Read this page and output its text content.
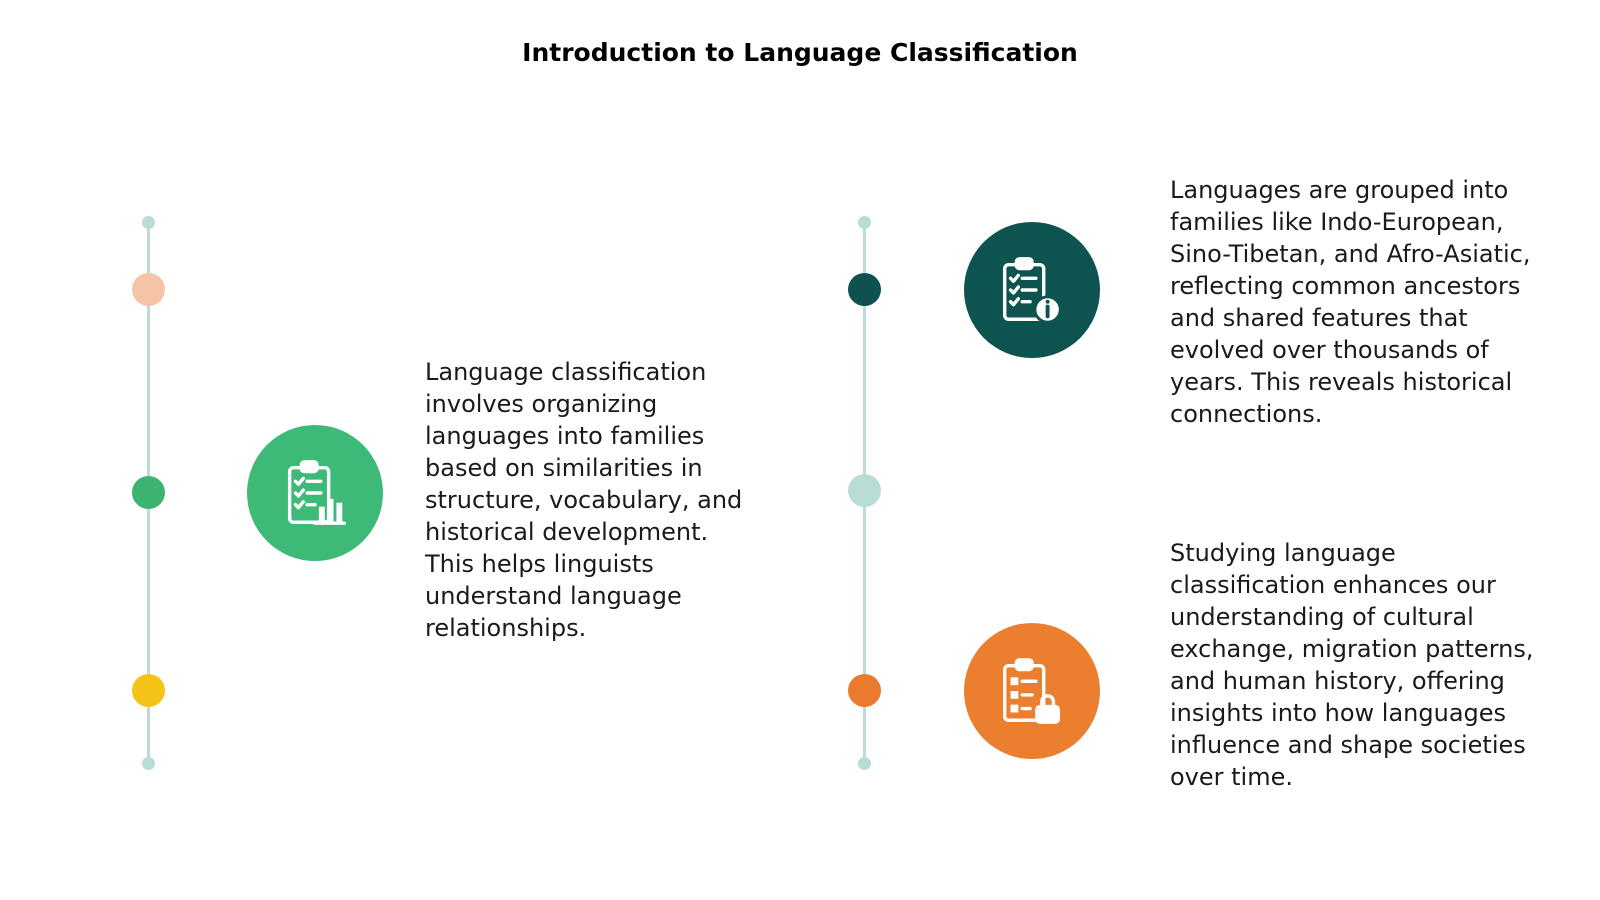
Introduction to Language Classification

Language classification involves organizing languages into families based on similarities in structure, vocabulary, and historical development. This helps linguists understand language relationships.

Languages are grouped into families like Indo-European, Sino-Tibetan, and Afro-Asiatic, reflecting common ancestors and shared features that evolved over thousands of years. This reveals historical connections.

Studying language classification enhances our understanding of cultural exchange, migration patterns, and human history, offering insights into how languages influence and shape societies over time.
